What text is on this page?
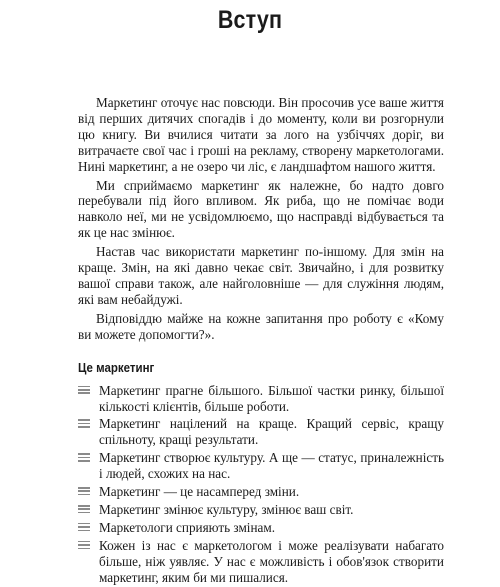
Вступ

Маркетинг оточує нас повсюди. Він просочив усе ваше життя від перших дитячих спогадів і до моменту, коли ви розгорнули цю книгу. Ви вчилися читати за лого на узбіччях доріг, ви витрачаєте свої час і гроші на рекламу, створену маркетологами. Нині маркетинг, а не озеро чи ліс, є ландшафтом нашого життя.

Ми сприймаємо маркетинг як належне, бо надто довго перебували під його впливом. Як риба, що не помічає води навколо неї, ми не усвідомлюємо, що насправді відбувається та як це нас змінює.

Настав час використати маркетинг по-іншому. Для змін на краще. Змін, на які давно чекає світ. Звичайно, і для розвитку вашої справи також, але найголовніше — для служіння людям, які вам небайдужі.

Відповіддю майже на кожне запитання про роботу є «Кому ви можете допомогти?».

Це маркетинг
Маркетинг прагне більшого. Більшої частки ринку, більшої кількості клієнтів, більше роботи.
Маркетинг націлений на краще. Кращий сервіс, кращу спільноту, кращі результати.
Маркетинг створює культуру. А ще — статус, приналежність і людей, схожих на нас.
Маркетинг — це насамперед зміни.
Маркетинг змінює культуру, змінює ваш світ.
Маркетологи сприяють змінам.
Кожен із нас є маркетологом і може реалізувати набагато більше, ніж уявляє. У нас є можливість і обов'язок створити маркетинг, яким би ми пишалися.
